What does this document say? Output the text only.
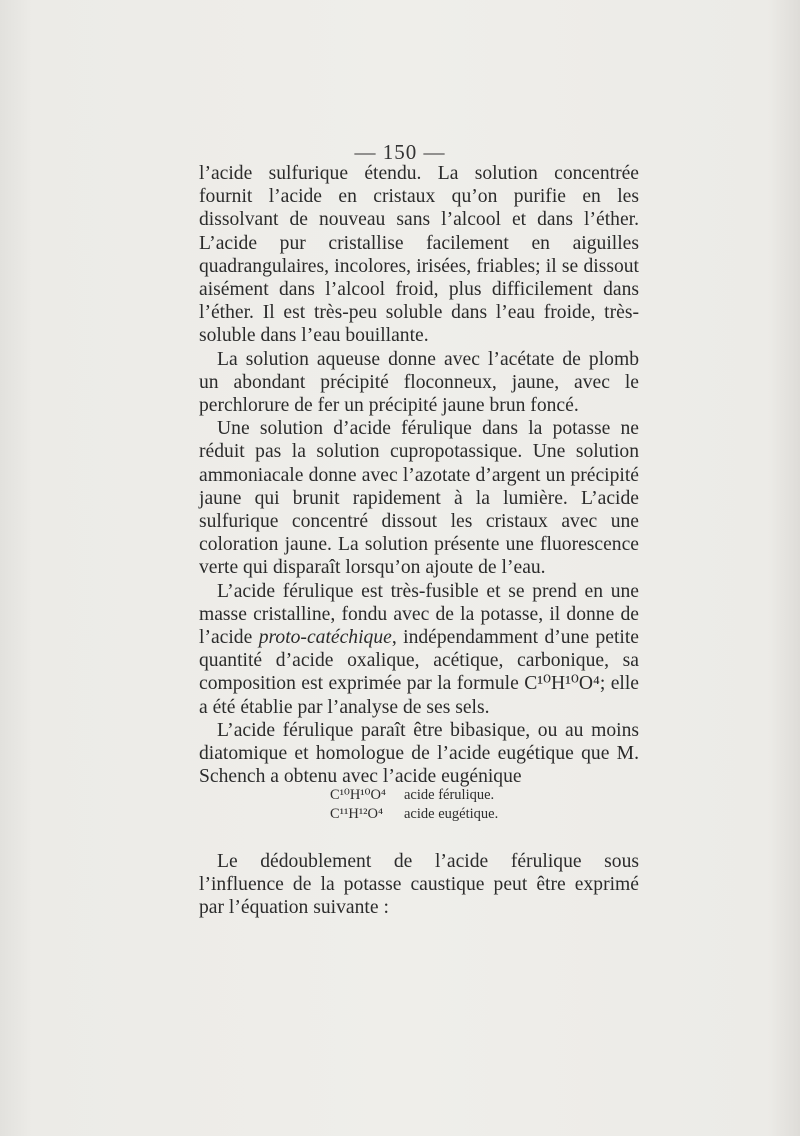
— 150 —

l’acide sulfurique étendu. La solution concentrée fournit l’acide en cristaux qu’on purifie en les dissolvant de nouveau sans l’alcool et dans l’éther. L’acide pur cristallise facilement en aiguilles quadrangulaires, incolores, irisées, friables; il se dissout aisément dans l’alcool froid, plus difficilement dans l’éther. Il est très-peu soluble dans l’eau froide, très-soluble dans l’eau bouillante.

La solution aqueuse donne avec l’acétate de plomb un abondant précipité floconneux, jaune, avec le perchlorure de fer un précipité jaune brun foncé.

Une solution d’acide férulique dans la potasse ne réduit pas la solution cupropotassique. Une solution ammoniacale donne avec l’azotate d’argent un précipité jaune qui brunit rapidement à la lumière. L’acide sulfurique concentré dissout les cristaux avec une coloration jaune. La solution présente une fluorescence verte qui disparaît lorsqu’on ajoute de l’eau.

L’acide férulique est très-fusible et se prend en une masse cristalline, fondu avec de la potasse, il donne de l’acide proto-catéchique, indépendamment d’une petite quantité d’acide oxalique, acétique, carbonique, sa composition est exprimée par la formule C¹⁰H¹⁰O⁴; elle a été établie par l’analyse de ses sels.

L’acide férulique paraît être bibasique, ou au moins diatomique et homologue de l’acide eugétique que M. Schench a obtenu avec l’acide eugénique

C¹⁰H¹⁰O⁴ acide férulique.
C¹¹H¹²O⁴	acide eugétique.

Le dédoublement de l’acide férulique sous l’influence de la potasse caustique peut être exprimé par l’équation suivante :
